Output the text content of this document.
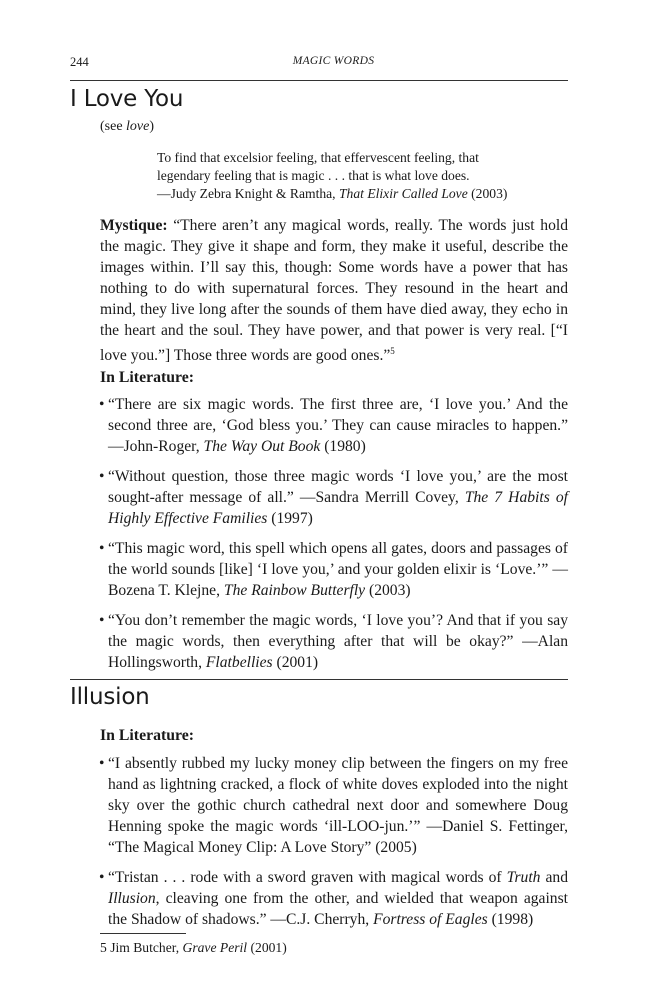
244	MAGIC WORDS
I Love You
(see love)
To find that excelsior feeling, that effervescent feeling, that
legendary feeling that is magic . . . that is what love does.
—Judy Zebra Knight & Ramtha, That Elixir Called Love (2003)
Mystique: “There aren’t any magical words, really. The words just hold the magic. They give it shape and form, they make it useful, describe the images within. I’ll say this, though: Some words have a power that has nothing to do with supernatural forces. They resound in the heart and mind, they live long after the sounds of them have died away, they echo in the heart and the soul. They have power, and that power is very real. [“I love you.”] Those three words are good ones.”$^5$
In Literature:
• “There are six magic words. The first three are, ‘I love you.’ And the second three are, ‘God bless you.’ They can cause miracles to happen.” —John-Roger, The Way Out Book (1980)
• “Without question, those three magic words ‘I love you,’ are the most sought-after message of all.” —Sandra Merrill Covey, The 7 Habits of Highly Effective Families (1997)
• “This magic word, this spell which opens all gates, doors and passages of the world sounds [like] ‘I love you,’ and your golden elixir is ‘Love.’” — Bozena T. Klejne, The Rainbow Butterfly (2003)
• “You don’t remember the magic words, ‘I love you’? And that if you say the magic words, then everything after that will be okay?” —Alan Hollingsworth, Flatbellies (2001)
Illusion
In Literature:
• “I absently rubbed my lucky money clip between the fingers on my free hand as lightning cracked, a flock of white doves exploded into the night sky over the gothic church cathedral next door and somewhere Doug Henning spoke the magic words ‘ill-LOO-jun.’” —Daniel S. Fettinger, “The Magical Money Clip: A Love Story” (2005)
• “Tristan . . . rode with a sword graven with magical words of Truth and Illusion, cleaving one from the other, and wielded that weapon against the Shadow of shadows.” —C.J. Cherryh, Fortress of Eagles (1998)
5 Jim Butcher, Grave Peril (2001)
